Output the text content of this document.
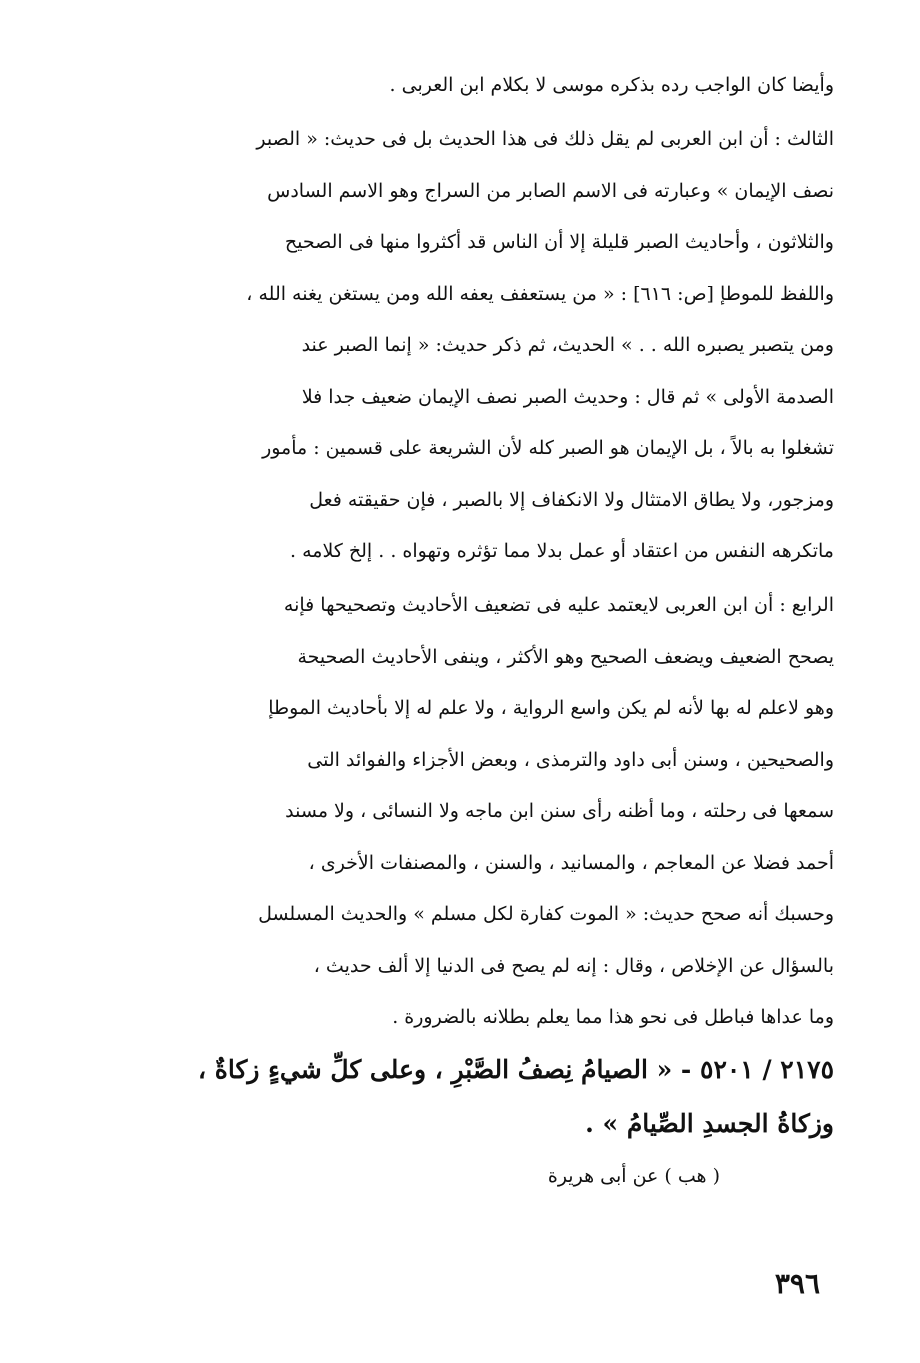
وأيضا كان الواجب رده بذكره موسى لا بكلام ابن العربى .
الثالث : أن ابن العربى لم يقل ذلك فى هذا الحديث بل فى حديث: « الصبر
نصف الإيمان » وعبارته فى الاسم الصابر من السراج وهو الاسم السادس
والثلاثون ، وأحاديث الصبر قليلة إلا أن الناس قد أكثروا منها فى الصحيح
واللفظ للموطإ [ص: ٦١٦] : « من يستعفف يعفه الله ومن يستغن يغنه الله ،
ومن يتصبر يصبره الله . . » الحديث، ثم ذكر حديث: « إنما الصبر عند
الصدمة الأولى » ثم قال : وحديث الصبر نصف الإيمان ضعيف جدا فلا
تشغلوا به بالاً ، بل الإيمان هو الصبر كله لأن الشريعة على قسمين : مأمور
ومزجور، ولا يطاق الامتثال ولا الانكفاف إلا بالصبر ، فإن حقيقته فعل
ماتكرهه النفس من اعتقاد أو عمل بدلا مما تؤثره وتهواه . . إلخ كلامه .
الرابع : أن ابن العربى لايعتمد عليه فى تضعيف الأحاديث وتصحيحها فإنه
يصحح الضعيف ويضعف الصحيح وهو الأكثر ، وينفى الأحاديث الصحيحة
وهو لاعلم له بها لأنه لم يكن واسع الرواية ، ولا علم له إلا بأحاديث الموطإ
والصحيحين ، وسنن أبى داود والترمذى ، وبعض الأجزاء والفوائد التى
سمعها فى رحلته ، وما أظنه رأى سنن ابن ماجه ولا النسائى ، ولا مسند
أحمد فضلا عن المعاجم ، والمسانيد ، والسنن ، والمصنفات الأخرى ،
وحسبك أنه صحح حديث: « الموت كفارة لكل مسلم » والحديث المسلسل
بالسؤال عن الإخلاص ، وقال : إنه لم يصح فى الدنيا إلا ألف حديث ،
وما عداها فباطل فى نحو هذا مما يعلم بطلانه بالضرورة .
٢١٧٥ / ٥٢٠١ - « الصيامُ نِصفُ الصَّبْرِ ، وعلى كلِّ شيءٍ زكاةٌ ،
وزكاةُ الجسدِ الصِّيامُ » .
( هب ) عن أبى هريرة
٣٩٦
